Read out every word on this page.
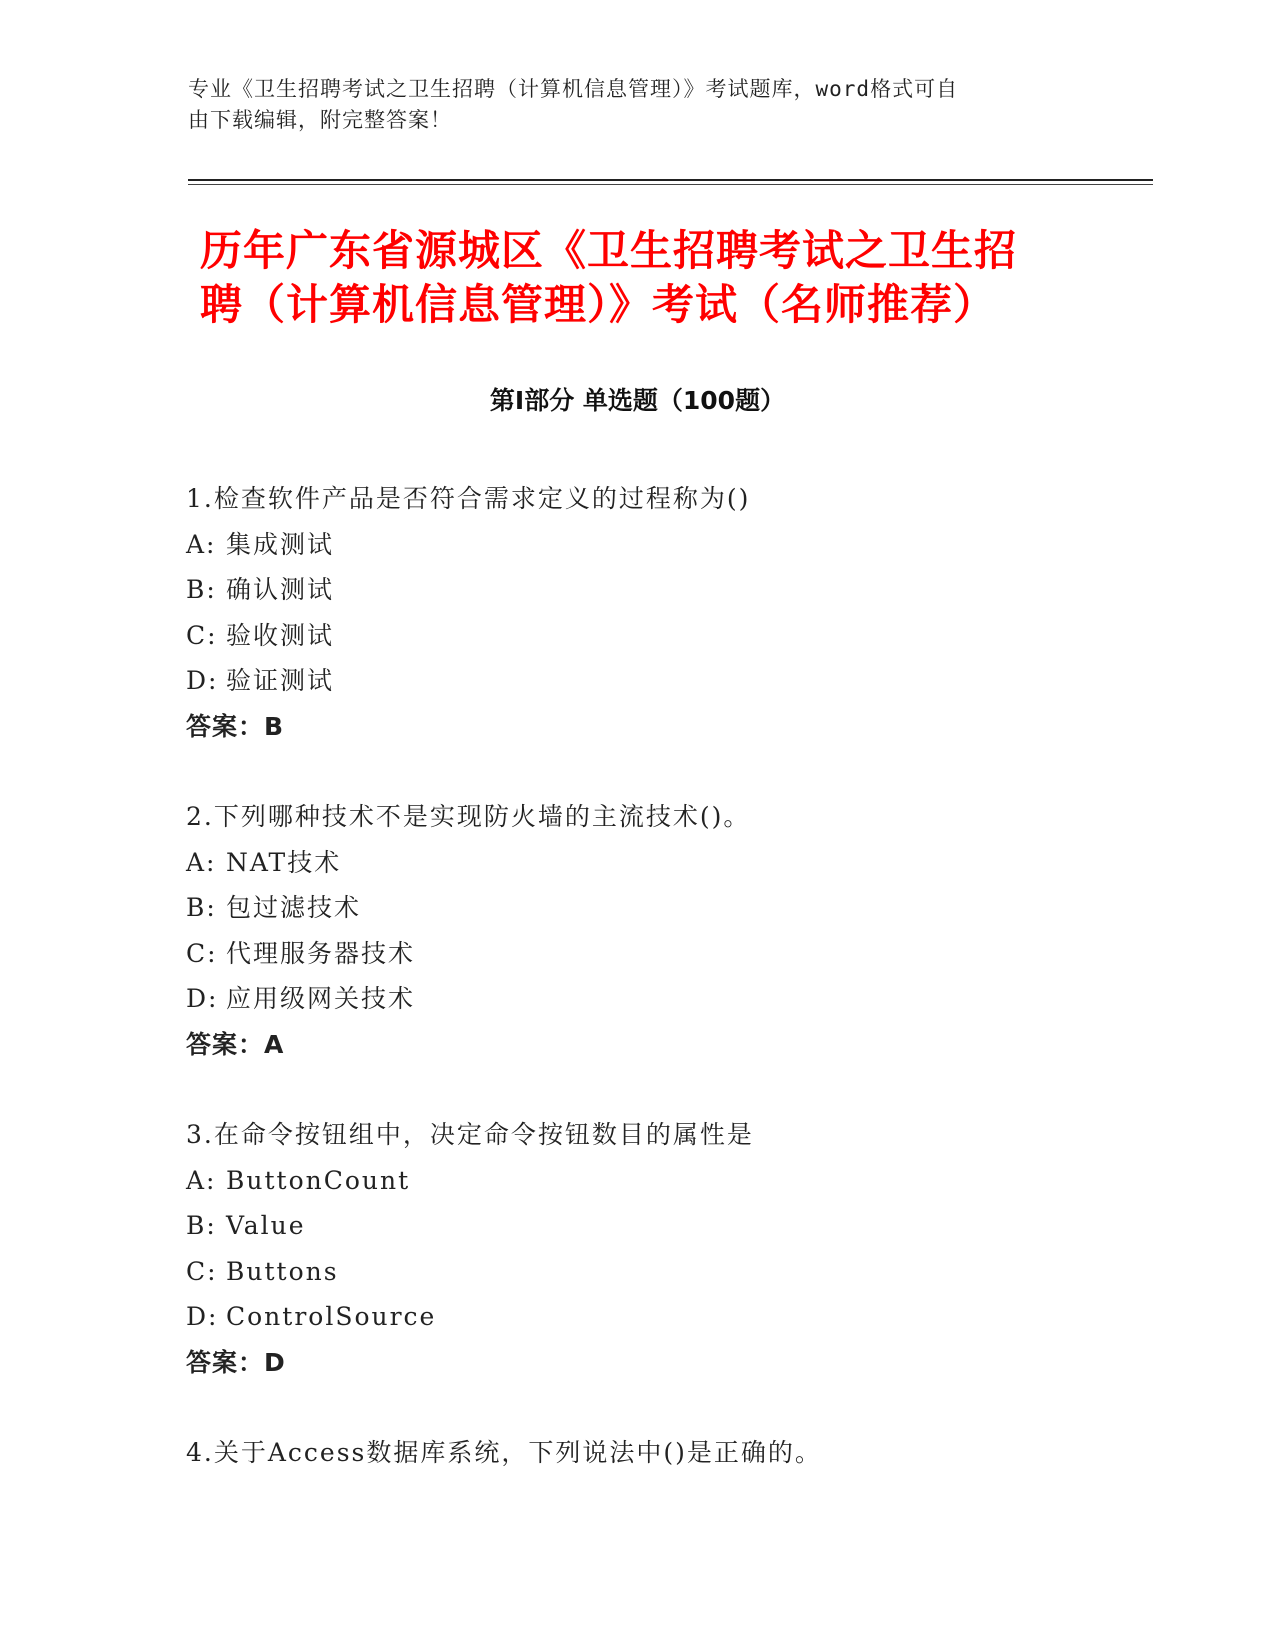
专业《卫生招聘考试之卫生招聘（计算机信息管理）》考试题库，word格式可自
由下载编辑，附完整答案！
历年广东省源城区《卫生招聘考试之卫生招
聘（计算机信息管理）》考试（名师推荐）
第Ⅰ部分 单选题（100题）
1.检查软件产品是否符合需求定义的过程称为()
A: 集成测试
B: 确认测试
C: 验收测试
D: 验证测试
答案：B
2.下列哪种技术不是实现防火墙的主流技术()。
A: NAT技术
B: 包过滤技术
C: 代理服务器技术
D: 应用级网关技术
答案：A
3.在命令按钮组中，决定命令按钮数目的属性是
A: ButtonCount
B: Value
C: Buttons
D: ControlSource
答案：D
4.关于Access数据库系统，下列说法中()是正确的。
